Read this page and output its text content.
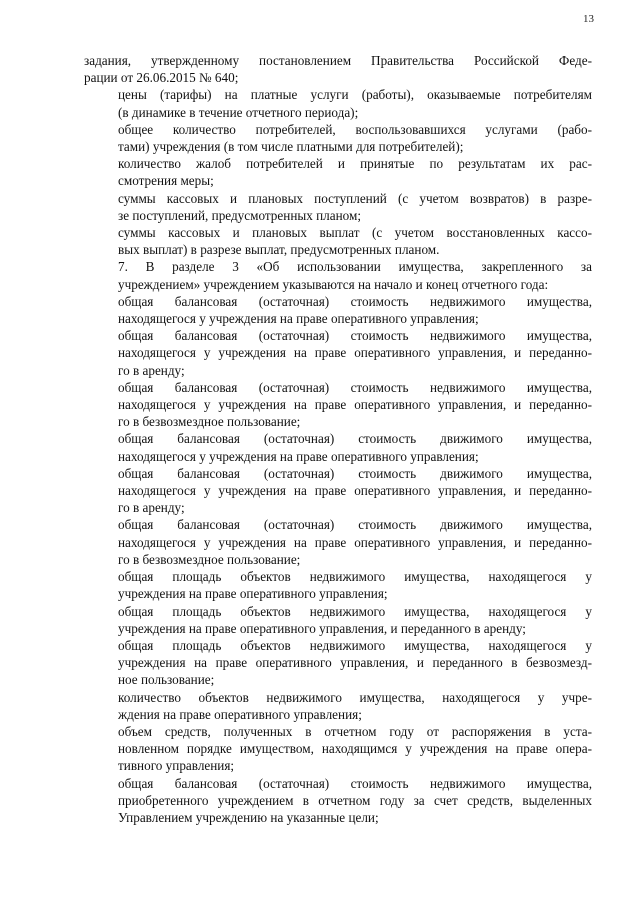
13

задания, утвержденному постановлением Правительства Российской Феде-
рации от 26.06.2015 № 640;

цены (тарифы) на платные услуги (работы), оказываемые потребителям
(в динамике в течение отчетного периода);

общее количество потребителей, воспользовавшихся услугами (рабо-
тами) учреждения (в том числе платными для потребителей);

количество жалоб потребителей и принятые по результатам их рас-
смотрения меры;

суммы кассовых и плановых поступлений (с учетом возвратов) в разре-
зе поступлений, предусмотренных планом;

суммы кассовых и плановых выплат (с учетом восстановленных кассо-
вых выплат) в разрезе выплат, предусмотренных планом.

7. В разделе 3 «Об использовании имущества, закрепленного за
учреждением» учреждением указываются на начало и конец отчетного года:

общая балансовая (остаточная) стоимость недвижимого имущества,
находящегося у учреждения на праве оперативного управления;

общая балансовая (остаточная) стоимость недвижимого имущества,
находящегося у учреждения на праве оперативного управления, и переданно-
го в аренду;

общая балансовая (остаточная) стоимость недвижимого имущества,
находящегося у учреждения на праве оперативного управления, и переданно-
го в безвозмездное пользование;

общая балансовая (остаточная) стоимость движимого имущества,
находящегося у учреждения на праве оперативного управления;

общая балансовая (остаточная) стоимость движимого имущества,
находящегося у учреждения на праве оперативного управления, и переданно-
го в аренду;

общая балансовая (остаточная) стоимость движимого имущества,
находящегося у учреждения на праве оперативного управления, и переданно-
го в безвозмездное пользование;

общая площадь объектов недвижимого имущества, находящегося у
учреждения на праве оперативного управления;

общая площадь объектов недвижимого имущества, находящегося у
учреждения на праве оперативного управления, и переданного в аренду;

общая площадь объектов недвижимого имущества, находящегося у
учреждения на праве оперативного управления, и переданного в безвозмезд-
ное пользование;

количество объектов недвижимого имущества, находящегося у учре-
ждения на праве оперативного управления;

объем средств, полученных в отчетном году от распоряжения в уста-
новленном порядке имуществом, находящимся у учреждения на праве опера-
тивного управления;

общая балансовая (остаточная) стоимость недвижимого имущества,
приобретенного учреждением в отчетном году за счет средств, выделенных
Управлением учреждению на указанные цели;
